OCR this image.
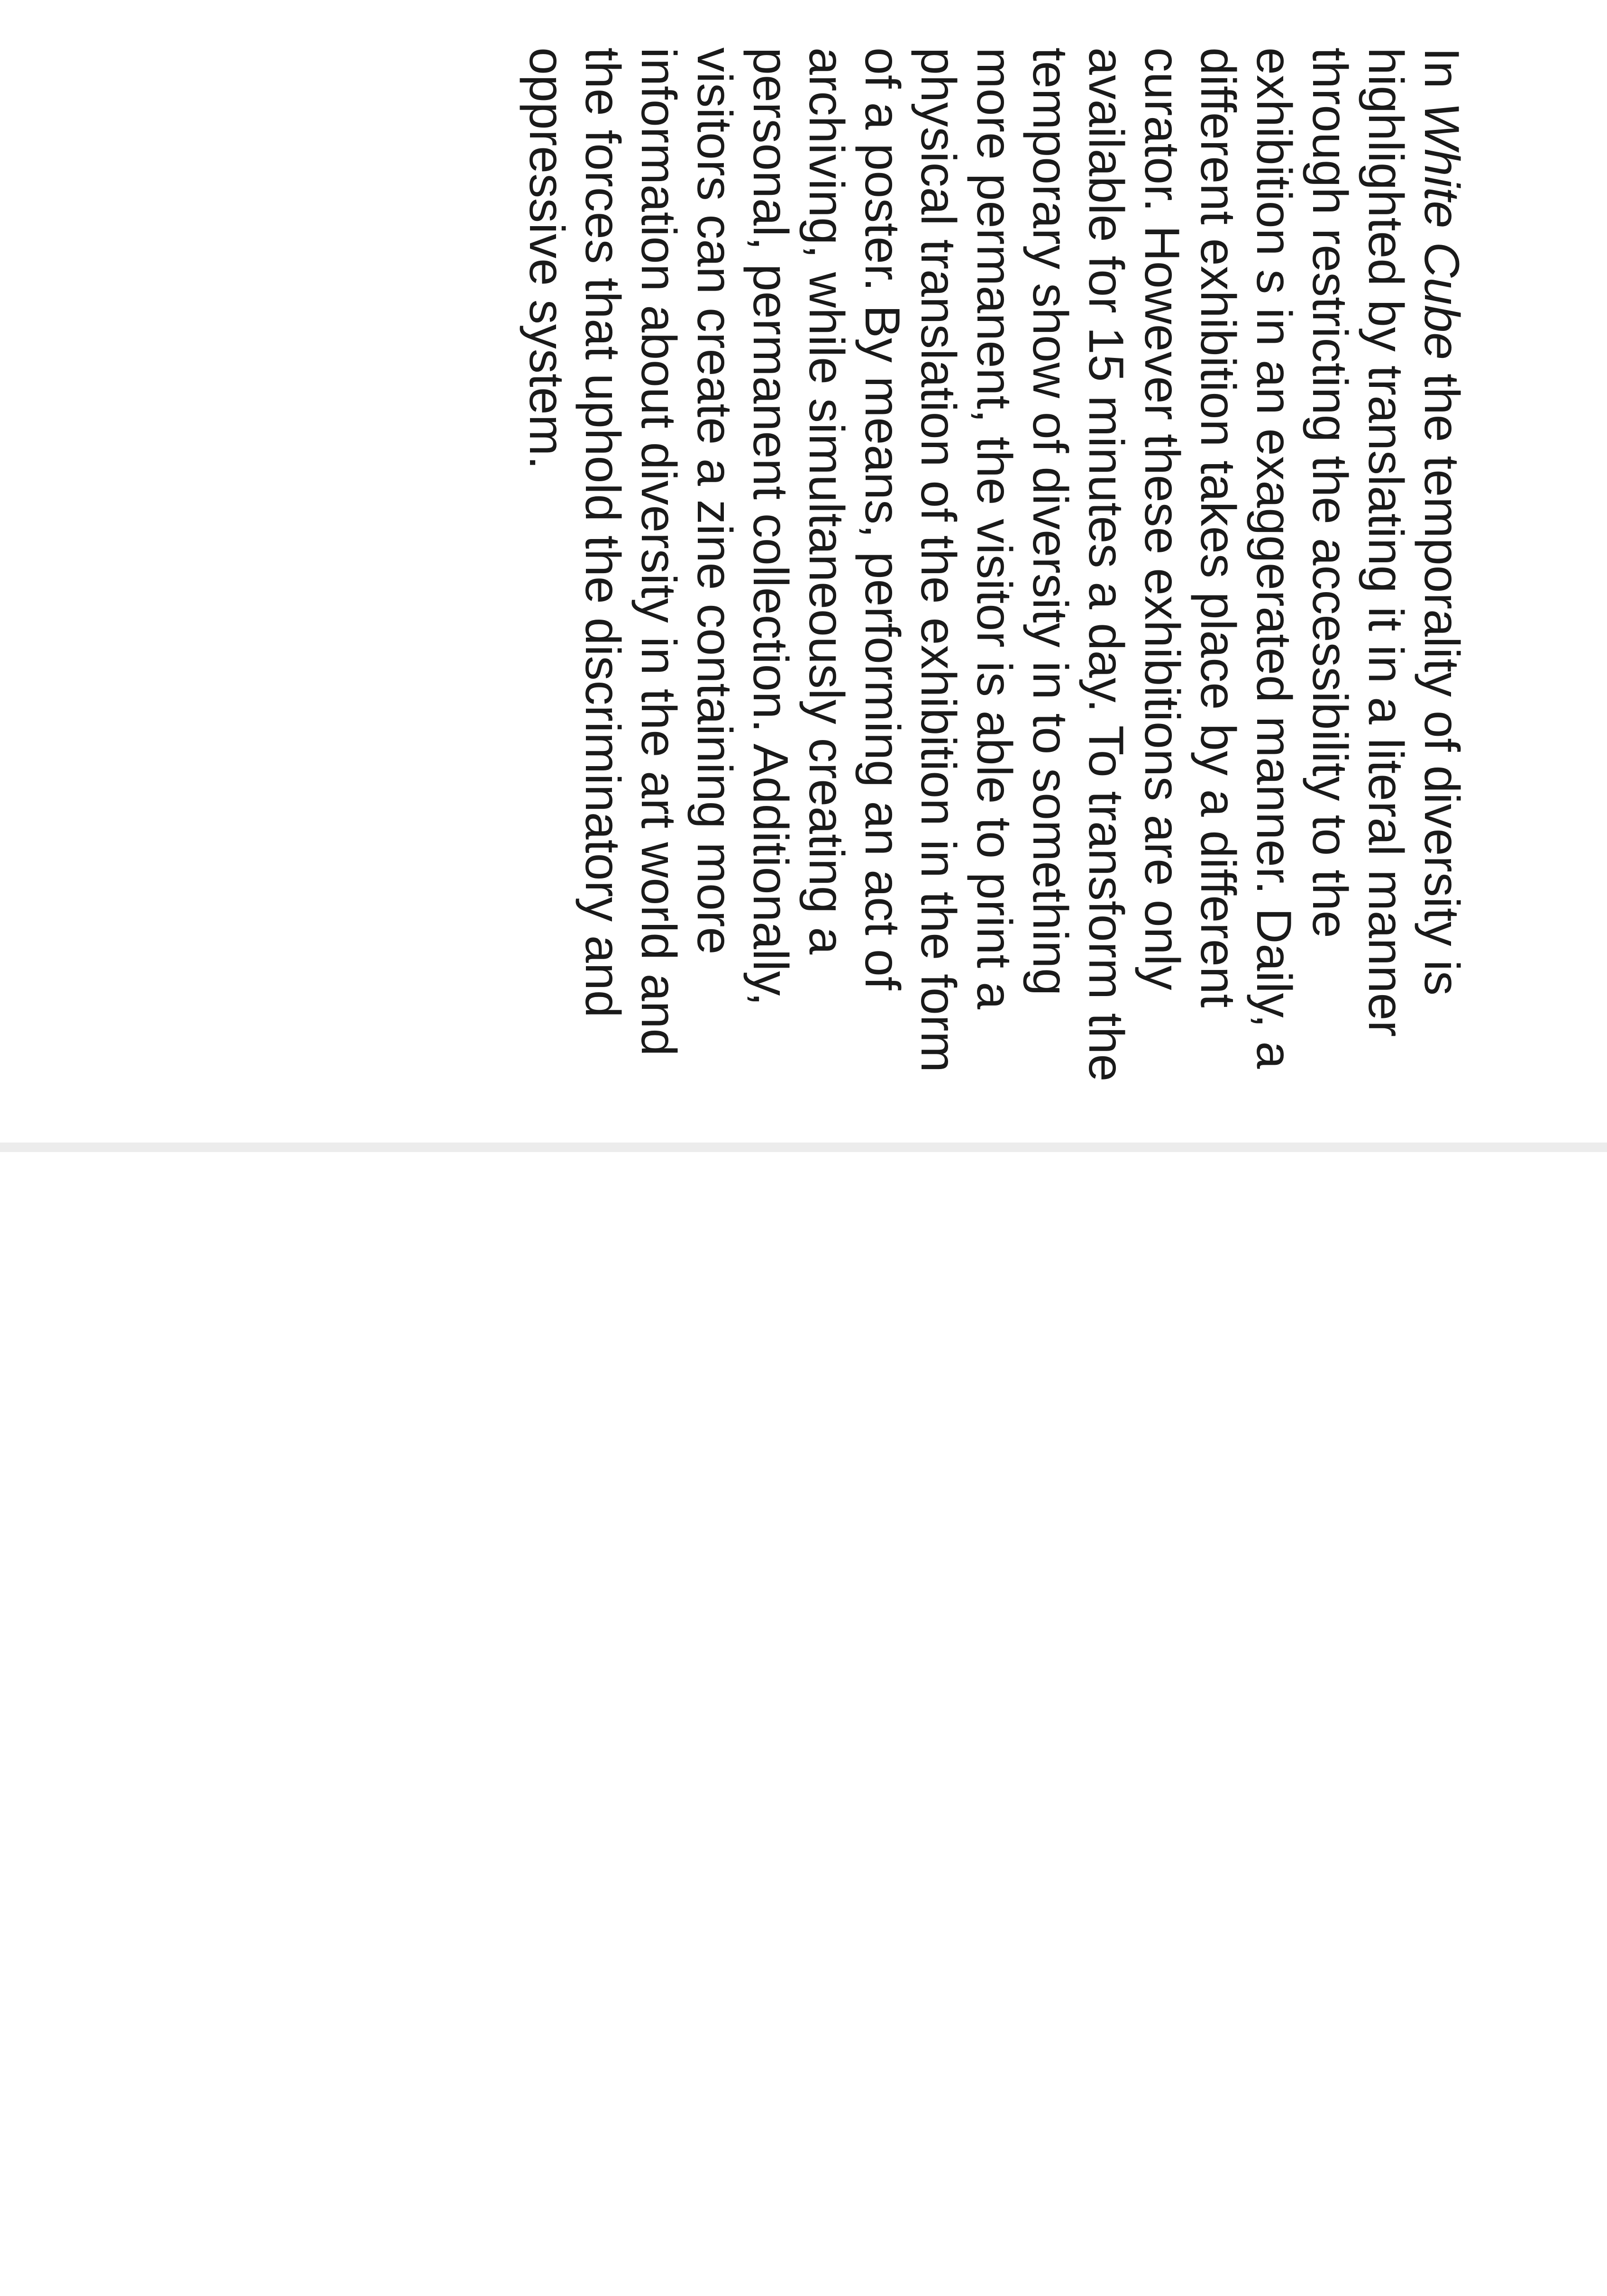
In White Cube the temporality of diversity is highlighted by translating it in a literal manner through restricting the accessibility to the exhibition s in an exaggerated manner. Daily, a different exhibition takes place by a different curator. However these exhibitions are only available for 15 minutes a day. To transform the temporary show of diversity in to something more permanent, the visitor is able to print a physical translation of the exhibition in the form of a poster. By means, performing an act of archiving, while simultaneously creating a personal, permanent collection. Additionally, visitors can create a zine containing more information about diversity in the art world and the forces that uphold the discriminatory and oppressive system.
